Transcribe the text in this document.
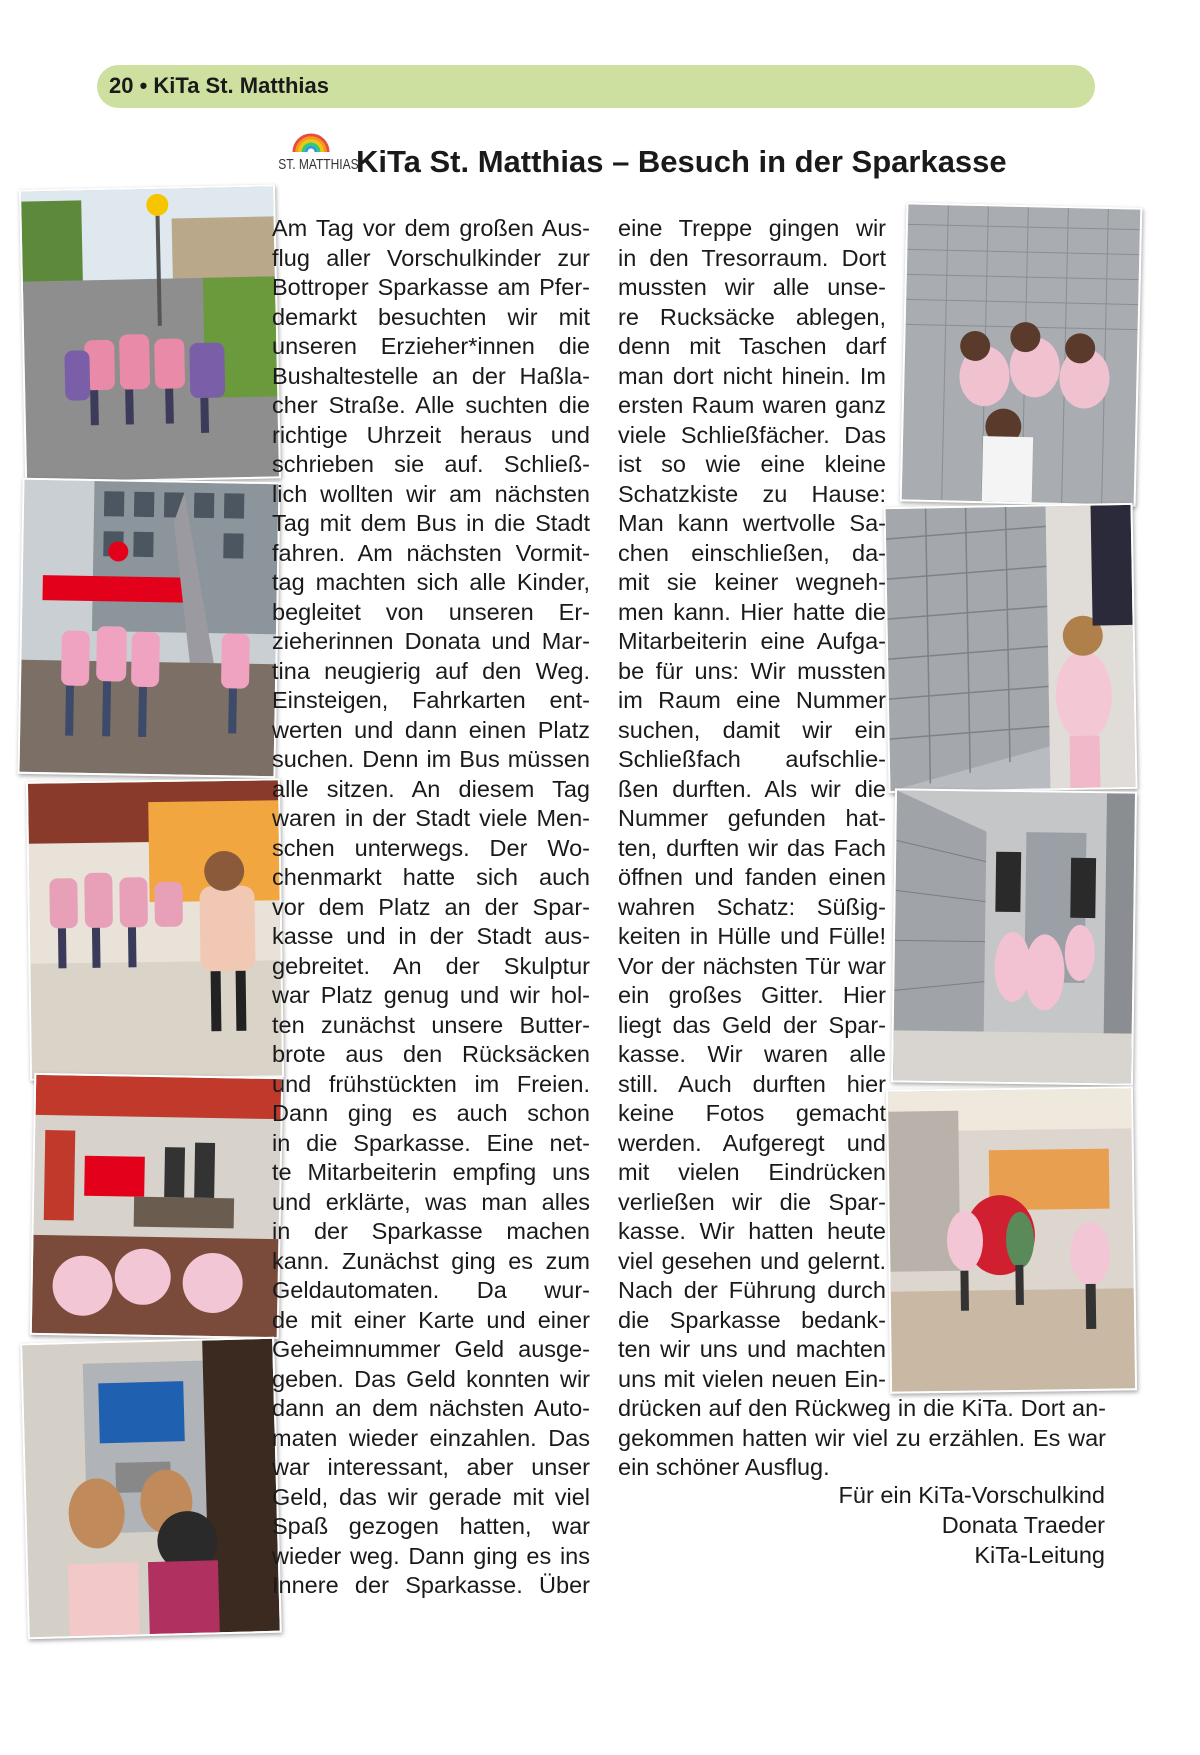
20 • KiTa St. Matthias
ST. MATTHIAS
KiTa St. Matthias – Besuch in der Sparkasse
Am Tag vor dem großen Aus-
flug aller Vorschulkinder zur
Bottroper Sparkasse am Pfer-
demarkt besuchten wir mit
unseren Erzieher*innen die
Bushaltestelle an der Haßla-
cher Straße. Alle suchten die
richtige Uhrzeit heraus und
schrieben sie auf. Schließ-
lich wollten wir am nächsten
Tag mit dem Bus in die Stadt
fahren. Am nächsten Vormit-
tag machten sich alle Kinder,
begleitet von unseren Er-
zieherinnen Donata und Mar-
tina neugierig auf den Weg.
Einsteigen, Fahrkarten ent-
werten und dann einen Platz
suchen. Denn im Bus müssen
alle sitzen. An diesem Tag
waren in der Stadt viele Men-
schen unterwegs. Der Wo-
chenmarkt hatte sich auch
vor dem Platz an der Spar-
kasse und in der Stadt aus-
gebreitet. An der Skulptur
war Platz genug und wir hol-
ten zunächst unsere Butter-
brote aus den Rücksäcken
und frühstückten im Freien.
Dann ging es auch schon
in die Sparkasse. Eine net-
te Mitarbeiterin empfing uns
und erklärte, was man alles
in der Sparkasse machen
kann. Zunächst ging es zum
Geldautomaten. Da wur-
de mit einer Karte und einer
Geheimnummer Geld ausge-
geben. Das Geld konnten wir
dann an dem nächsten Auto-
maten wieder einzahlen. Das
war interessant, aber unser
Geld, das wir gerade mit viel
Spaß gezogen hatten, war
wieder weg. Dann ging es ins
Innere der Sparkasse. Über
eine Treppe gingen wir
in den Tresorraum. Dort
mussten wir alle unse-
re Rucksäcke ablegen,
denn mit Taschen darf
man dort nicht hinein. Im
ersten Raum waren ganz
viele Schließfächer. Das
ist so wie eine kleine
Schatzkiste zu Hause:
Man kann wertvolle Sa-
chen einschließen, da-
mit sie keiner wegneh-
men kann. Hier hatte die
Mitarbeiterin eine Aufga-
be für uns: Wir mussten
im Raum eine Nummer
suchen, damit wir ein
Schließfach aufschlie-
ßen durften. Als wir die
Nummer gefunden hat-
ten, durften wir das Fach
öffnen und fanden einen
wahren Schatz: Süßig-
keiten in Hülle und Fülle!
Vor der nächsten Tür war
ein großes Gitter. Hier
liegt das Geld der Spar-
kasse. Wir waren alle
still. Auch durften hier
keine Fotos gemacht
werden. Aufgeregt und
mit vielen Eindrücken
verließen wir die Spar-
kasse. Wir hatten heute
viel gesehen und gelernt.
Nach der Führung durch
die Sparkasse bedank-
ten wir uns und machten
uns mit vielen neuen Ein-
drücken auf den Rückweg in die KiTa. Dort an-
gekommen hatten wir viel zu erzählen. Es war
ein schöner Ausflug.
Für ein KiTa-Vorschulkind
Donata Traeder
KiTa-Leitung
